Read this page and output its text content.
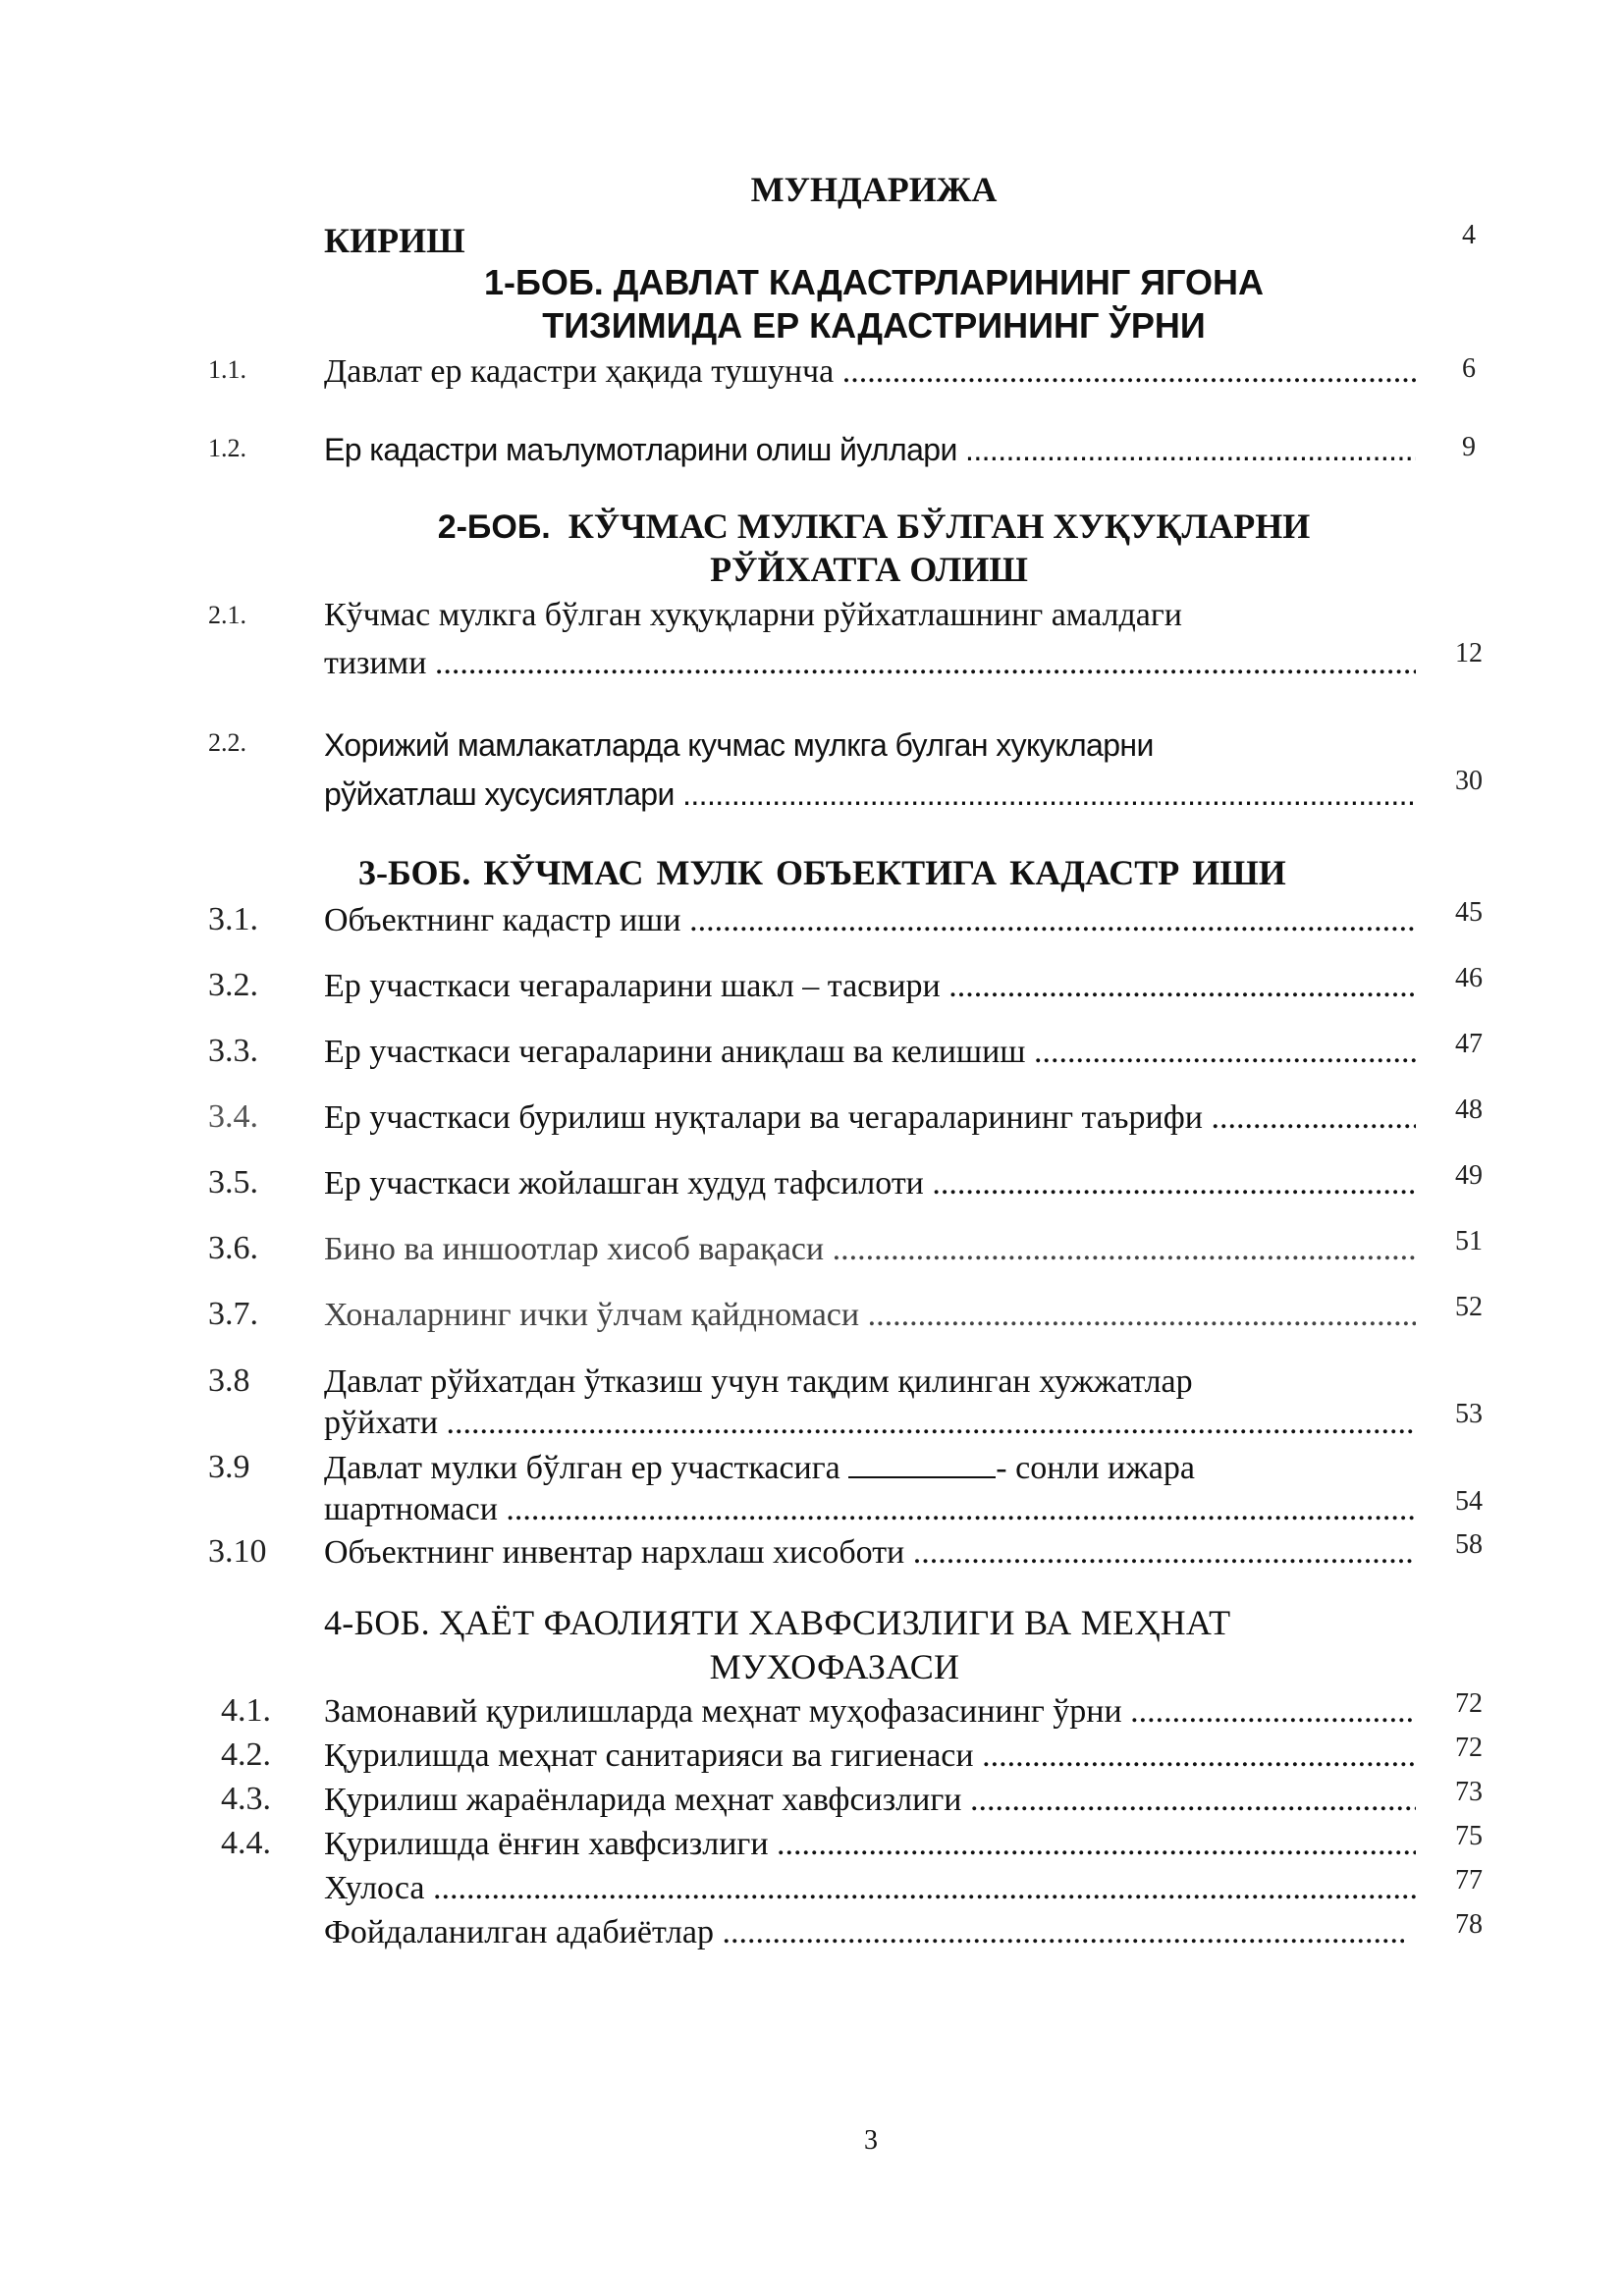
МУНДАРИЖА
КИРИШ	4
1-БОБ. ДАВЛАТ КАДАСТРЛАРИНИНГ ЯГОНА
ТИЗИМИДА ЕР КАДАСТРИНИНГ ЎРНИ
1.1. Давлат ер кадастри ҳақида тушунча .....	6
1.2. Ер кадастри маълумотларини олиш йуллари .....	9
2-БОБ.  КЎЧМАС МУЛКГА БЎЛГАН ХУҚУҚЛАРНИ
РЎЙХАТГА ОЛИШ
2.1. Кўчмас мулкга бўлган хуқуқларни рўйхатлашнинг амалдаги
тизими .....	12
2.2. Хорижий мамлакатларда кучмас мулкга булган хукукларни
рўйхатлаш хусусиятлари .....	30
3-БОБ. КЎЧМАС МУЛК ОБЪЕКТИГА КАДАСТР ИШИ
3.1. Объектнинг кадастр иши .....	45
3.2. Ер участкаси чегараларини шакл – тасвири .....	46
3.3. Ер участкаси чегараларини аниқлаш ва келишиш .....	47
3.4. Ер участкаси бурилиш нуқталари ва чегараларининг таърифи .....	48
3.5. Ер участкаси жойлашган худуд тафсилоти .....	49
3.6. Бино ва иншоотлар хисоб варақаси .....	51
3.7. Хоналарнинг ички ўлчам қайдномаси .....	52
3.8 Давлат рўйхатдан ўтказиш учун тақдим қилинган хужжатлар
рўйхати .....	53
3.9 Давлат мулки бўлган ер участкасига	- сонли ижара
шартномаси .....	54
3.10 Объектнинг инвентар нархлаш хисоботи .....	58
4-БОБ. ҲАЁТ ФАОЛИЯТИ ХАВФСИЗЛИГИ ВА МЕҲНАТ
МУХОФАЗАСИ
4.1. Замонавий қурилишларда меҳнат муҳофазасининг ўрни .....	72
4.2. Қурилишда меҳнат санитарияси ва гигиенаси .....	72
4.3. Қурилиш жараёнларида меҳнат хавфсизлиги .....	73
4.4. Қурилишда ёнғин хавфсизлиги .....	75
Хулоса .....	77
Фойдаланилган адабиётлар .....	78
3
